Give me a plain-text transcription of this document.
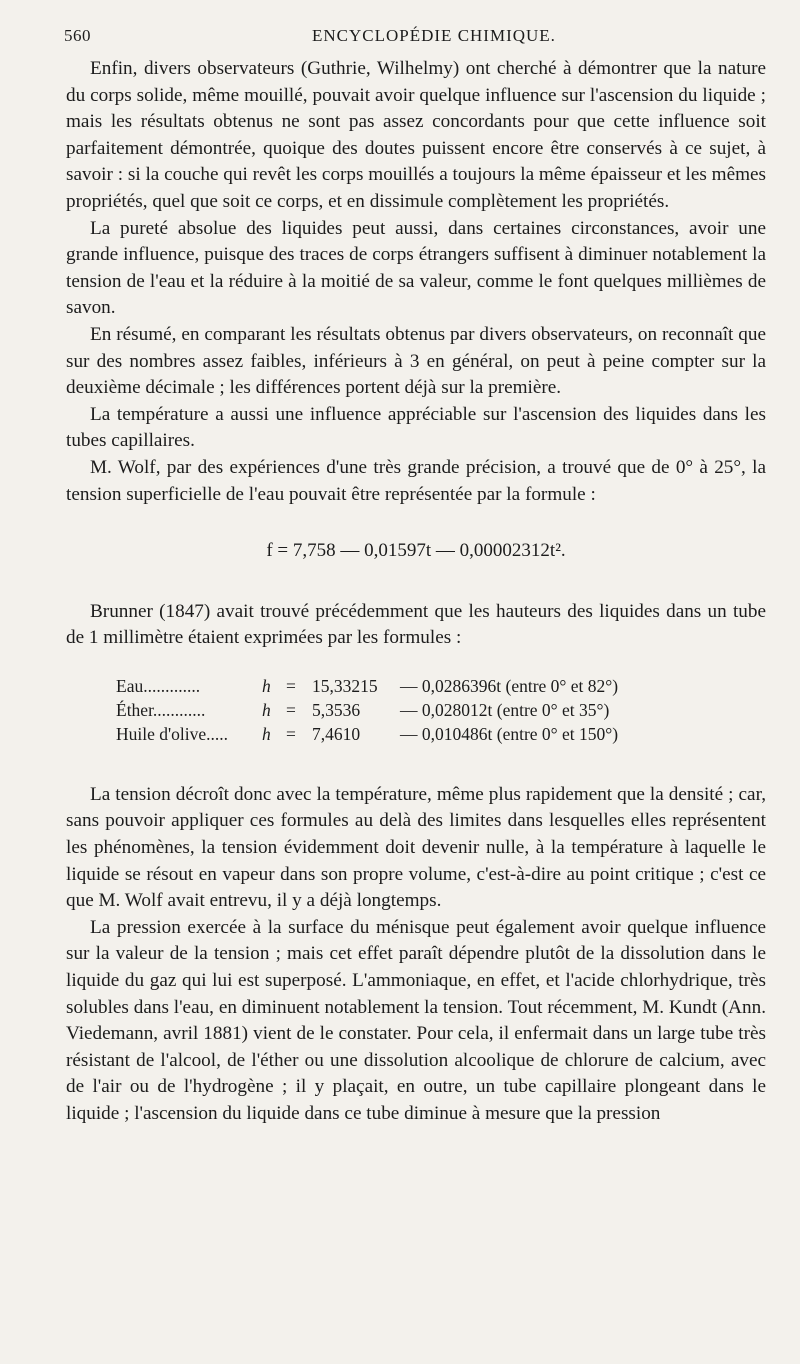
560	ENCYCLOPÉDIE CHIMIQUE.

Enfin, divers observateurs (Guthrie, Wilhelmy) ont cherché à démontrer que la nature du corps solide, même mouillé, pouvait avoir quelque influence sur l'ascension du liquide ; mais les résultats obtenus ne sont pas assez concordants pour que cette influence soit parfaitement démontrée, quoique des doutes puissent encore être conservés à ce sujet, à savoir : si la couche qui revêt les corps mouillés a toujours la même épaisseur et les mêmes propriétés, quel que soit ce corps, et en dissimule complètement les propriétés.

La pureté absolue des liquides peut aussi, dans certaines circonstances, avoir une grande influence, puisque des traces de corps étrangers suffisent à diminuer notablement la tension de l'eau et la réduire à la moitié de sa valeur, comme le font quelques millièmes de savon.

En résumé, en comparant les résultats obtenus par divers observateurs, on reconnaît que sur des nombres assez faibles, inférieurs à 3 en général, on peut à peine compter sur la deuxième décimale ; les différences portent déjà sur la première.

La température a aussi une influence appréciable sur l'ascension des liquides dans les tubes capillaires.

M. Wolf, par des expériences d'une très grande précision, a trouvé que de 0° à 25°, la tension superficielle de l'eau pouvait être représentée par la formule :

f = 7,758 — 0,01597t — 0,00002312t².

Brunner (1847) avait trouvé précédemment que les hauteurs des liquides dans un tube de 1 millimètre étaient exprimées par les formules :

Eau.............	h	=	15,33215	— 0,0286396t (entre 0° et 82°)
Éther............	h	=	5,3536	— 0,028012t (entre 0° et 35°)
Huile d'olive.....	h	=	7,4610	— 0,010486t (entre 0° et 150°)

La tension décroît donc avec la température, même plus rapidement que la densité ; car, sans pouvoir appliquer ces formules au delà des limites dans lesquelles elles représentent les phénomènes, la tension évidemment doit devenir nulle, à la température à laquelle le liquide se résout en vapeur dans son propre volume, c'est-à-dire au point critique ; c'est ce que M. Wolf avait entrevu, il y a déjà longtemps.

La pression exercée à la surface du ménisque peut également avoir quelque influence sur la valeur de la tension ; mais cet effet paraît dépendre plutôt de la dissolution dans le liquide du gaz qui lui est superposé. L'ammoniaque, en effet, et l'acide chlorhydrique, très solubles dans l'eau, en diminuent notablement la tension. Tout récemment, M. Kundt (Ann. Viedemann, avril 1881) vient de le constater. Pour cela, il enfermait dans un large tube très résistant de l'alcool, de l'éther ou une dissolution alcoolique de chlorure de calcium, avec de l'air ou de l'hydrogène ; il y plaçait, en outre, un tube capillaire plongeant dans le liquide ; l'ascension du liquide dans ce tube diminue à mesure que la pression
